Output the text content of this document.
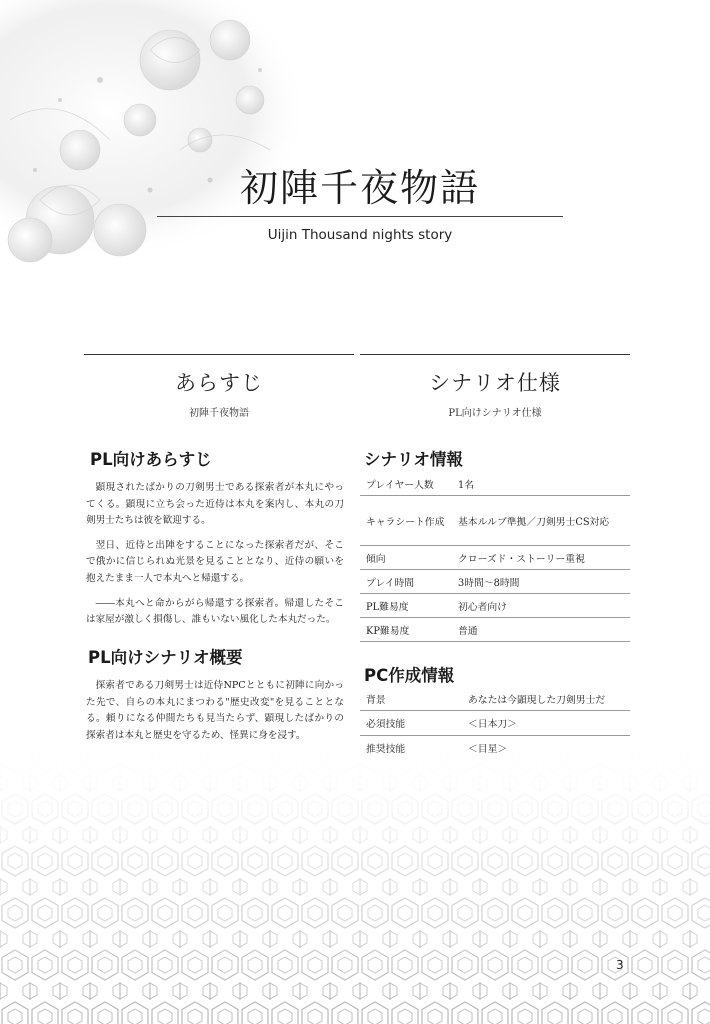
初陣千夜物語
Uijin Thousand nights story
あらすじ
初陣千夜物語
シナリオ仕様
PL向けシナリオ仕様
PL向けあらすじ

顕現されたばかりの刀剣男士である探索者が本丸にやってくる。顕現に立ち会った近侍は本丸を案内し、本丸の刀剣男士たちは彼を歓迎する。

翌日、近侍と出陣をすることになった探索者だが、そこで俄かに信じられぬ光景を見ることとなり、近侍の願いを抱えたまま一人で本丸へと帰還する。

――本丸へと命からがら帰還する探索者。帰還したそこは家屋が激しく損傷し、誰もいない風化した本丸だった。

PL向けシナリオ概要

探索者である刀剣男士は近侍NPCとともに初陣に向かった先で、自らの本丸にまつわる"歴史改変"を見ることとなる。頼りになる仲間たちも見当たらず、顕現したばかりの探索者は本丸と歴史を守るため、怪異に身を浸す。

シナリオ情報
プレイヤー人数	1名
キャラシート作成	基本ルルブ準拠／刀剣男士CS対応
傾向	クローズド・ストーリー重視
プレイ時間	3時間〜8時間
PL難易度	初心者向け
KP難易度	普通
PC作成情報
背景	あなたは今顕現した刀剣男士だ
必須技能	＜日本刀＞
推奨技能	＜目星＞
3
